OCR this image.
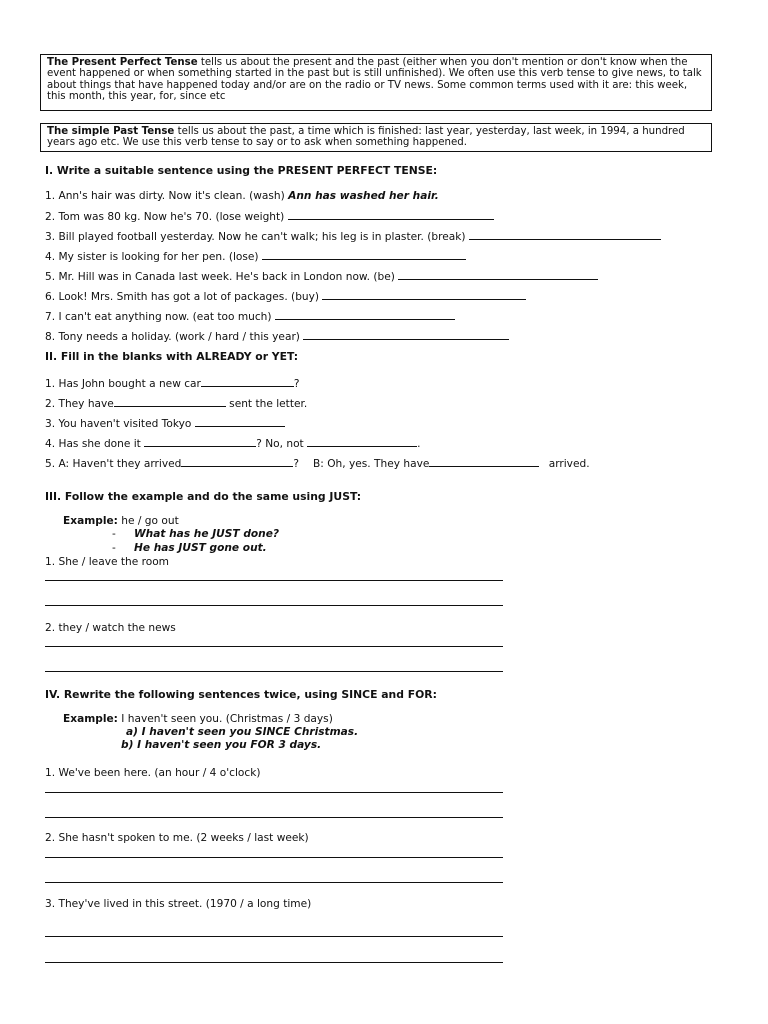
The Present Perfect Tense tells us about the present and the past (either when you don't mention or don't know when the event happened or when something started in the past but is still unfinished). We often use this verb tense to give news, to talk about things that have happened today and/or are on the radio or TV news. Some common terms used with it are: this week, this month, this year, for, since etc
The simple Past Tense tells us about the past, a time which is finished: last year, yesterday, last week, in 1994, a hundred years ago etc. We use this verb tense to say or to ask when something happened.
I. Write a suitable sentence using the PRESENT PERFECT TENSE:
1. Ann's hair was dirty. Now it's clean. (wash) Ann has washed her hair.
2. Tom was 80 kg. Now he's 70. (lose weight)
3. Bill played football yesterday. Now he can't walk; his leg is in plaster. (break)
4. My sister is looking for her pen. (lose)
5. Mr. Hill was in Canada last week. He's back in London now. (be)
6. Look! Mrs. Smith has got a lot of packages. (buy)
7. I can't eat anything now. (eat too much)
8. Tony needs a holiday. (work / hard / this year)
II. Fill in the blanks with ALREADY or YET:
1. Has John bought a new car	?
2. They have	sent the letter.
3. You haven't visited Tokyo
4. Has she done it	? No, not	.
5. A: Haven't they arrived	? B: Oh, yes. They have	arrived.
III. Follow the example and do the same using JUST:
Example: he / go out
- What has he JUST done?
- He has JUST gone out.
1. She / leave the room
2. they / watch the news
IV. Rewrite the following sentences twice, using SINCE and FOR:
Example: I haven't seen you. (Christmas / 3 days)
a) I haven't seen you SINCE Christmas.
b) I haven't seen you FOR 3 days.
1. We've been here. (an hour / 4 o'clock)
2. She hasn't spoken to me. (2 weeks / last week)
3. They've lived in this street. (1970 / a long time)
